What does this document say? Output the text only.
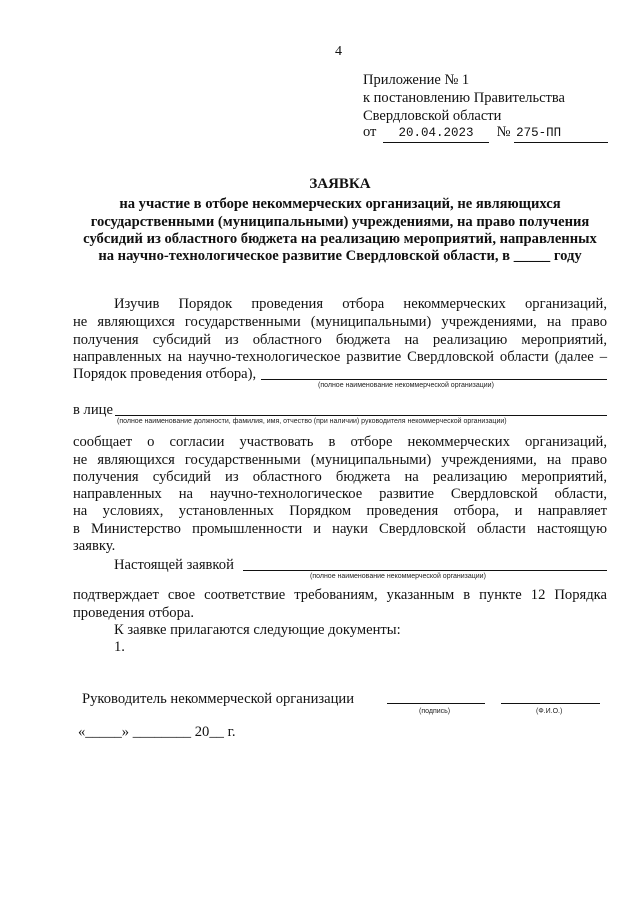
4
Приложение № 1
к постановлению Правительства
Свердловской области
от 20.04.2023 № 275-ПП
ЗАЯВКА
на участие в отборе некоммерческих организаций, не являющихся
государственными (муниципальными) учреждениями, на право получения
субсидий из областного бюджета на реализацию мероприятий, направленных
на научно-технологическое развитие Свердловской области, в _____ году
Изучив Порядок проведения отбора некоммерческих организаций,
не являющихся государственными (муниципальными) учреждениями, на право
получения субсидий из областного бюджета на реализацию мероприятий,
направленных на научно-технологическое развитие Свердловской области (далее –
Порядок проведения отбора),
(полное наименование некоммерческой организации)
в лице
(полное наименование должности, фамилия, имя, отчество (при наличии) руководителя некоммерческой организации)
сообщает о согласии участвовать в отборе некоммерческих организаций,
не являющихся государственными (муниципальными) учреждениями, на право
получения субсидий из областного бюджета на реализацию мероприятий,
направленных на научно-технологическое развитие Свердловской области,
на условиях, установленных Порядком проведения отбора, и направляет
в Министерство промышленности и науки Свердловской области настоящую
заявку.
Настоящей заявкой
(полное наименование некоммерческой организации)
подтверждает свое соответствие требованиям, указанным в пункте 12 Порядка
проведения отбора.
К заявке прилагаются следующие документы:
1.
Руководитель некоммерческой организации
(подпись)	(Ф.И.О.)
«_____» ________ 20__ г.
